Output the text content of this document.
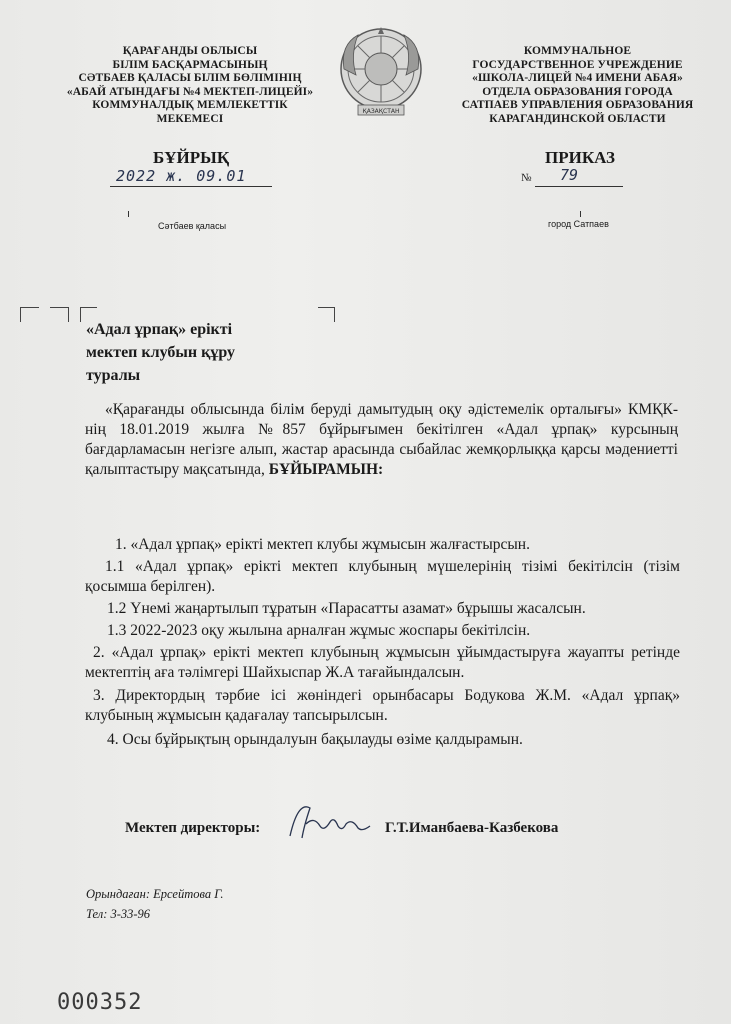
ҚАРАҒАНДЫ ОБЛЫСЫ
БІЛІМ БАСҚАРМАСЫНЫҢ
СӘТБАЕВ ҚАЛАСЫ БІЛІМ БӨЛІМІНІҢ
«АБАЙ АТЫНДАҒЫ №4 МЕКТЕП-ЛИЦЕЙІ»
КОММУНАЛДЫҚ МЕМЛЕКЕТТІК
МЕКЕМЕСІ
ҚАЗАҚСТАН
КОММУНАЛЬНОЕ
ГОСУДАРСТВЕННОЕ УЧРЕЖДЕНИЕ
«ШКОЛА-ЛИЦЕЙ №4 ИМЕНИ АБАЯ»
ОТДЕЛА ОБРАЗОВАНИЯ ГОРОДА
САТПАЕВ УПРАВЛЕНИЯ ОБРАЗОВАНИЯ
КАРАГАНДИНСКОЙ ОБЛАСТИ
БҰЙРЫҚ	ПРИКАЗ
2022 ж. 09.01	№ 79
Сәтбаев қаласы	город Сатпаев
«Адал ұрпақ» ерікті
мектеп клубын құру
туралы
«Қарағанды облысында білім беруді дамытудың оқу әдістемелік орталығы» КМҚК-нің 18.01.2019 жылға №857 бұйрығымен бекітілген «Адал ұрпақ» курсының бағдарламасын негізге алып, жастар арасында сыбайлас жемқорлыққа қарсы мәдениетті қалыптастыру мақсатында, БҰЙЫРАМЫН:
1. «Адал ұрпақ» ерікті мектеп клубы жұмысын жалғастырсын.
1.1 «Адал ұрпақ» ерікті мектеп клубының мүшелерінің тізімі бекітілсін (тізім қосымша берілген).
1.2 Үнемі жаңартылып тұратын «Парасатты азамат» бұрышы жасалсын.
1.3 2022-2023 оқу жылына арналған жұмыс жоспары бекітілсін.
2. «Адал ұрпақ» ерікті мектеп клубының жұмысын ұйымдастыруға жауапты ретінде мектептің аға тәлімгері Шайхыспар Ж.А тағайындалсын.
3. Директордың тәрбие ісі жөніндегі орынбасары Бодукова Ж.М. «Адал ұрпақ» клубының жұмысын қадағалау тапсырылсын.
4. Осы бұйрықтың орындалуын бақылауды өзіме қалдырамын.
Мектеп директоры:	Г.Т.Иманбаева-Казбекова
Орындаған: Ерсейтова Г.
Тел: 3-33-96
000352
